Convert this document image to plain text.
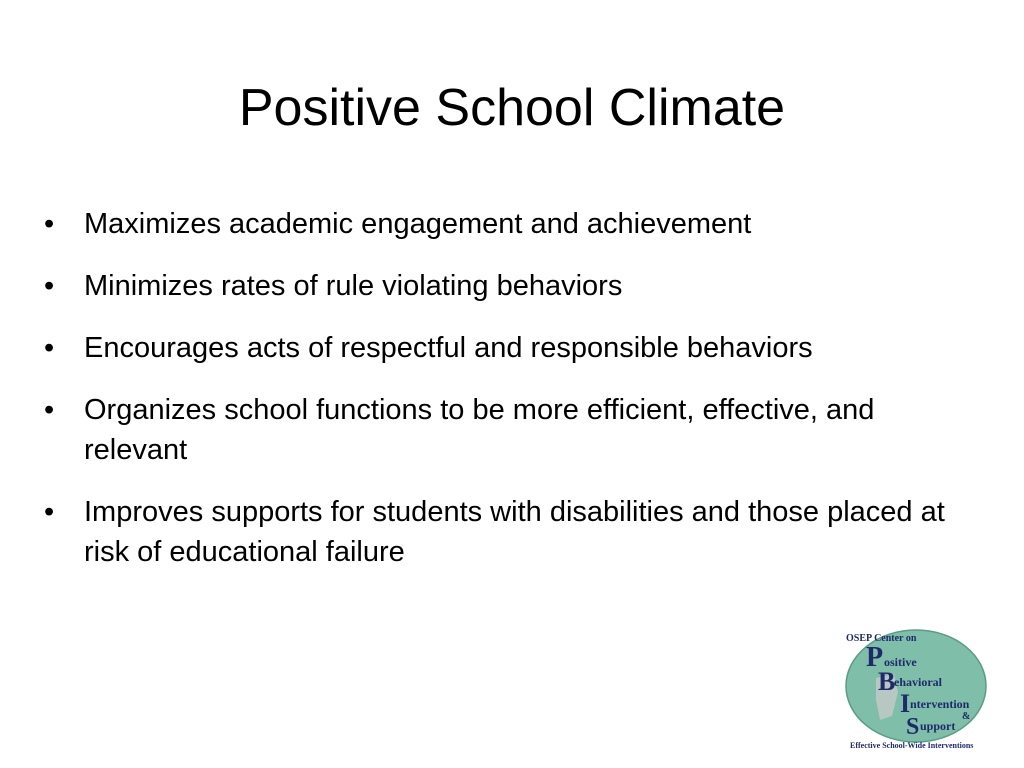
Positive School Climate
• Maximizes academic engagement and achievement
• Minimizes rates of rule violating behaviors
• Encourages acts of respectful and responsible behaviors
• Organizes school functions to be more efficient, effective, and relevant
• Improves supports for students with disabilities and those placed at risk of educational failure
OSEP Center on
P ositive
B
ehavioral
I ntervention
&
S upport
Effective School-Wide Interventions
